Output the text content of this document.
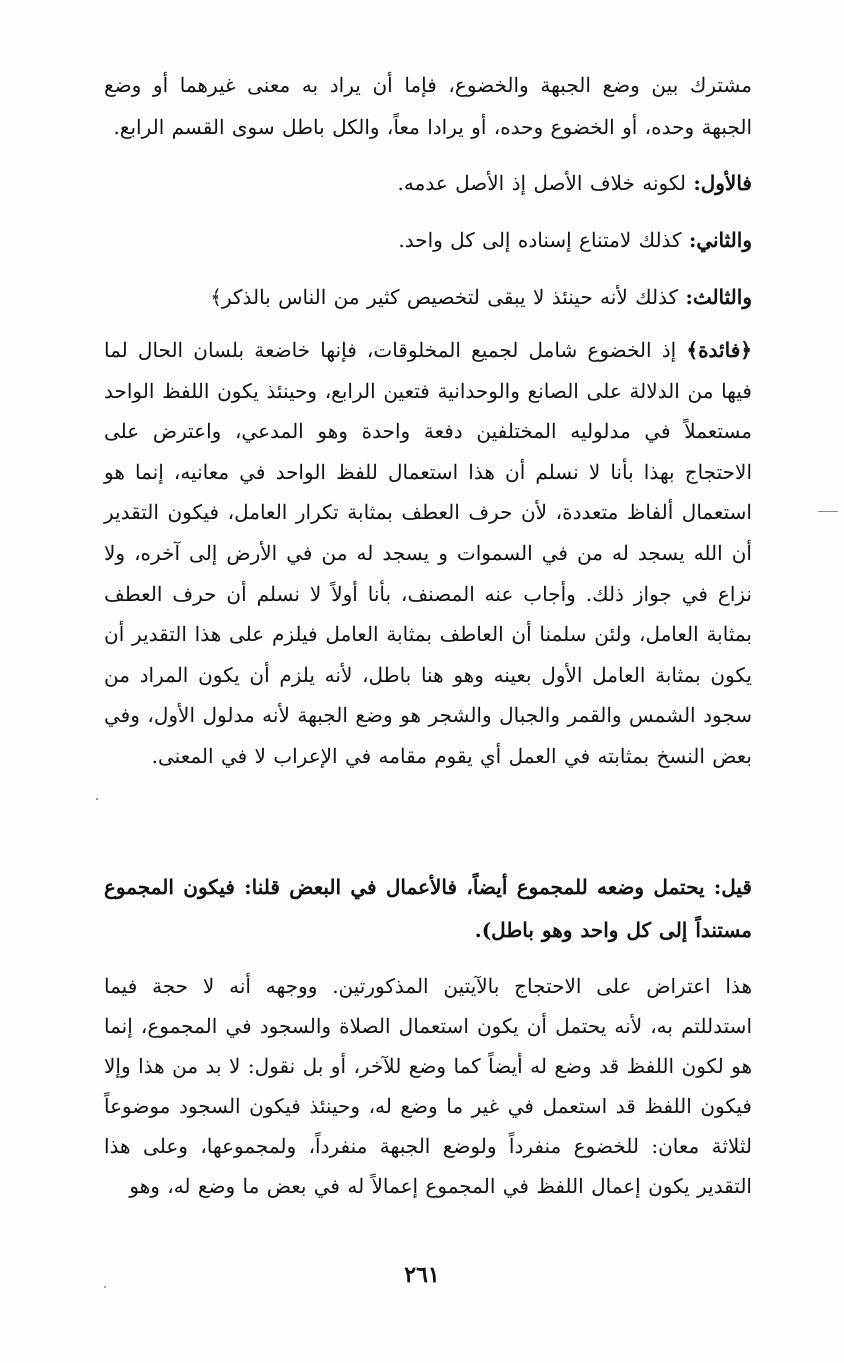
مشترك بين وضع الجبهة والخضوع، فإما أن يراد به معنى غيرهما أو وضع الجبهة وحده، أو الخضوع وحده، أو يرادا معاً، والكل باطل سوى القسم الرابع.
فالأول: لكونه خلاف الأصل إذ الأصل عدمه.
والثاني: كذلك لامتناع إسناده إلى كل واحد.
والثالث: كذلك لأنه حينئذ لا يبقى لتخصيص كثير من الناس بالذكر﴾
﴿فائدة﴾ إذ الخضوع شامل لجميع المخلوقات، فإنها خاضعة بلسان الحال لما فيها من الدلالة على الصانع والوحدانية فتعين الرابع، وحينئذ يكون اللفظ الواحد مستعملاً في مدلوليه المختلفين دفعة واحدة وهو المدعي، واعترض على الاحتجاج بهذا بأنا لا نسلم أن هذا استعمال للفظ الواحد في معانيه، إنما هو استعمال ألفاظ متعددة، لأن حرف العطف بمثابة تكرار العامل، فيكون التقدير أن الله يسجد له من في السموات و يسجد له من في الأرض إلى آخره، ولا نزاع في جواز ذلك. وأجاب عنه المصنف، بأنا أولاً لا نسلم أن حرف العطف بمثابة العامل، ولئن سلمنا أن العاطف بمثابة العامل فيلزم على هذا التقدير أن يكون بمثابة العامل الأول بعينه وهو هنا باطل، لأنه يلزم أن يكون المراد من سجود الشمس والقمر والجبال والشجر هو وضع الجبهة لأنه مدلول الأول، وفي بعض النسخ بمثابته في العمل أي يقوم مقامه في الإعراب لا في المعنى.
قيل: يحتمل وضعه للمجموع أيضاً، فالأعمال في البعض قلنا: فيكون المجموع مستنداً إلى كل واحد وهو باطل).
هذا اعتراض على الاحتجاج بالآيتين المذكورتين. ووجهه أنه لا حجة فيما استدللتم به، لأنه يحتمل أن يكون استعمال الصلاة والسجود في المجموع، إنما هو لكون اللفظ قد وضع له أيضاً كما وضع للآخر، أو بل نقول: لا بد من هذا وإلا فيكون اللفظ قد استعمل في غير ما وضع له، وحينئذ فيكون السجود موضوعاً لثلاثة معان: للخضوع منفرداً ولوضع الجبهة منفرداً، ولمجموعها، وعلى هذا التقدير يكون إعمال اللفظ في المجموع إعمالاً له في بعض ما وضع له، وهو
٢٦١
